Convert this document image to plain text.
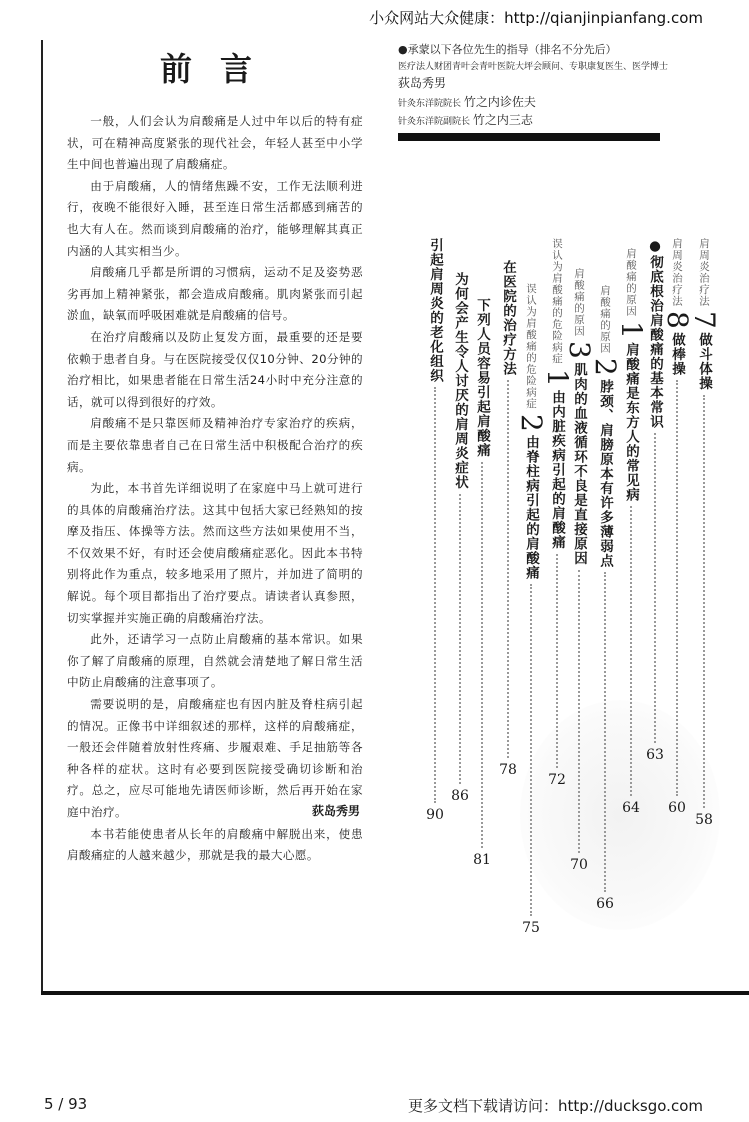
小众网站大众健康：http://qianjinpianfang.com
前言

一般，人们会认为肩酸痛是人过中年以后的特有症状，可在精神高度紧张的现代社会，年轻人甚至中小学生中间也普遍出现了肩酸痛症。

由于肩酸痛，人的情绪焦躁不安，工作无法顺利进行，夜晚不能很好入睡，甚至连日常生活都感到痛苦的也大有人在。然而谈到肩酸痛的治疗，能够理解其真正内涵的人其实相当少。

肩酸痛几乎都是所谓的习惯病，运动不足及姿势恶劣再加上精神紧张，都会造成肩酸痛。肌肉紧张而引起淤血，缺氧而呼吸困难就是肩酸痛的信号。

在治疗肩酸痛以及防止复发方面，最重要的还是要依赖于患者自身。与在医院接受仅仅10分钟、20分钟的治疗相比，如果患者能在日常生活24小时中充分注意的话，就可以得到很好的疗效。

肩酸痛不是只靠医师及精神治疗专家治疗的疾病，而是主要依靠患者自己在日常生活中积极配合治疗的疾病。

为此，本书首先详细说明了在家庭中马上就可进行的具体的肩酸痛治疗法。这其中包括大家已经熟知的按摩及指压、体操等方法。然而这些方法如果使用不当，不仅效果不好，有时还会使肩酸痛症恶化。因此本书特别将此作为重点，较多地采用了照片，并加进了简明的解说。每个项目都指出了治疗要点。请读者认真参照，切实掌握并实施正确的肩酸痛治疗法。

此外，还请学习一点防止肩酸痛的基本常识。如果你了解了肩酸痛的原理，自然就会清楚地了解日常生活中防止肩酸痛的注意事项了。

需要说明的是，肩酸痛症也有因内脏及脊柱病引起的情况。正像书中详细叙述的那样，这样的肩酸痛症，一般还会伴随着放射性疼痛、步履艰难、手足抽筋等各种各样的症状。这时有必要到医院接受确切诊断和治疗。总之，应尽可能地先请医师诊断，然后再开始在家庭中治疗。

本书若能使患者从长年的肩酸痛中解脱出来，使患肩酸痛症的人越来越少，那就是我的最大心愿。

荻岛秀男
●承蒙以下各位先生的指导（排名不分先后）
医疗法人财团青叶会青叶医院大坪会顾问、专职康复医生、医学博士 荻岛秀男
针灸东洋院院长 竹之内诊佐夫
针灸东洋院副院长 竹之内三志
肩周炎治疗法7做斗体操
58
肩周炎治疗法8做棒操
60
●彻底根治肩酸痛的基本常识
63
肩酸痛的原因1肩酸痛是东方人的常见病
64
肩酸痛的原因2脖颈、肩膀原本有许多薄弱点
66
肩酸痛的原因3肌肉的血液循环不良是直接原因
70
误认为肩酸痛的危险病症1由内脏疾病引起的肩酸痛
72
误认为肩酸痛的危险病症2由脊柱病引起的肩酸痛
75
在医院的治疗方法
78
下列人员容易引起肩酸痛
81
为何会产生令人讨厌的肩周炎症状
86
引起肩周炎的老化组织
90
5 / 93	更多文档下载请访问：http://ducksgo.com
